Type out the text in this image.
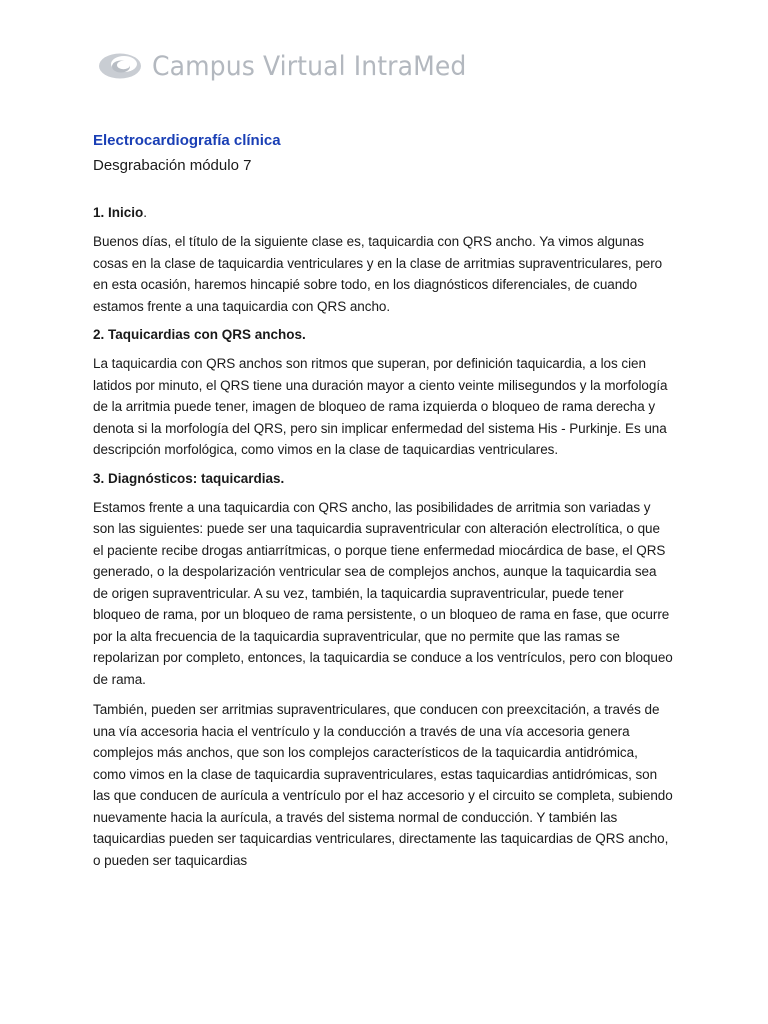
Campus Virtual IntraMed
Electrocardiografía clínica
Desgrabación módulo 7
1. Inicio.

Buenos días, el título de la siguiente clase es, taquicardia con QRS ancho. Ya vimos algunas cosas en la clase de taquicardia ventriculares y en la clase de arritmias supraventriculares, pero en esta ocasión, haremos hincapié sobre todo, en los diagnósticos diferenciales, de cuando estamos frente a una taquicardia con QRS ancho.

2. Taquicardias con QRS anchos.

La taquicardia con QRS anchos son ritmos que superan, por definición taquicardia, a los cien latidos por minuto, el QRS tiene una duración mayor a ciento veinte milisegundos y la morfología de la arritmia puede tener, imagen de bloqueo de rama izquierda o bloqueo de rama derecha y denota si la morfología del QRS, pero sin implicar enfermedad del sistema His - Purkinje. Es una descripción morfológica, como vimos en la clase de taquicardias ventriculares.

3. Diagnósticos: taquicardias.

Estamos frente a una taquicardia con QRS ancho, las posibilidades de arritmia son variadas y son las siguientes: puede ser una taquicardia supraventricular con alteración electrolítica, o que el paciente recibe drogas antiarrítmicas, o porque tiene enfermedad miocárdica de base, el QRS generado, o la despolarización ventricular sea de complejos anchos, aunque la taquicardia sea de origen supraventricular. A su vez, también, la taquicardia supraventricular, puede tener bloqueo de rama, por un bloqueo de rama persistente, o un bloqueo de rama en fase, que ocurre por la alta frecuencia de la taquicardia supraventricular, que no permite que las ramas se repolarizan por completo, entonces, la taquicardia se conduce a los ventrículos, pero con bloqueo de rama.

También, pueden ser arritmias supraventriculares, que conducen con preexcitación, a través de una vía accesoria hacia el ventrículo y la conducción a través de una vía accesoria genera complejos más anchos, que son los complejos característicos de la taquicardia antidrómica, como vimos en la clase de taquicardia supraventriculares, estas taquicardias antidrómicas, son las que conducen de aurícula a ventrículo por el haz accesorio y el circuito se completa, subiendo nuevamente hacia la aurícula, a través del sistema normal de conducción. Y también las taquicardias pueden ser taquicardias ventriculares, directamente las taquicardias de QRS ancho, o pueden ser taquicardias
